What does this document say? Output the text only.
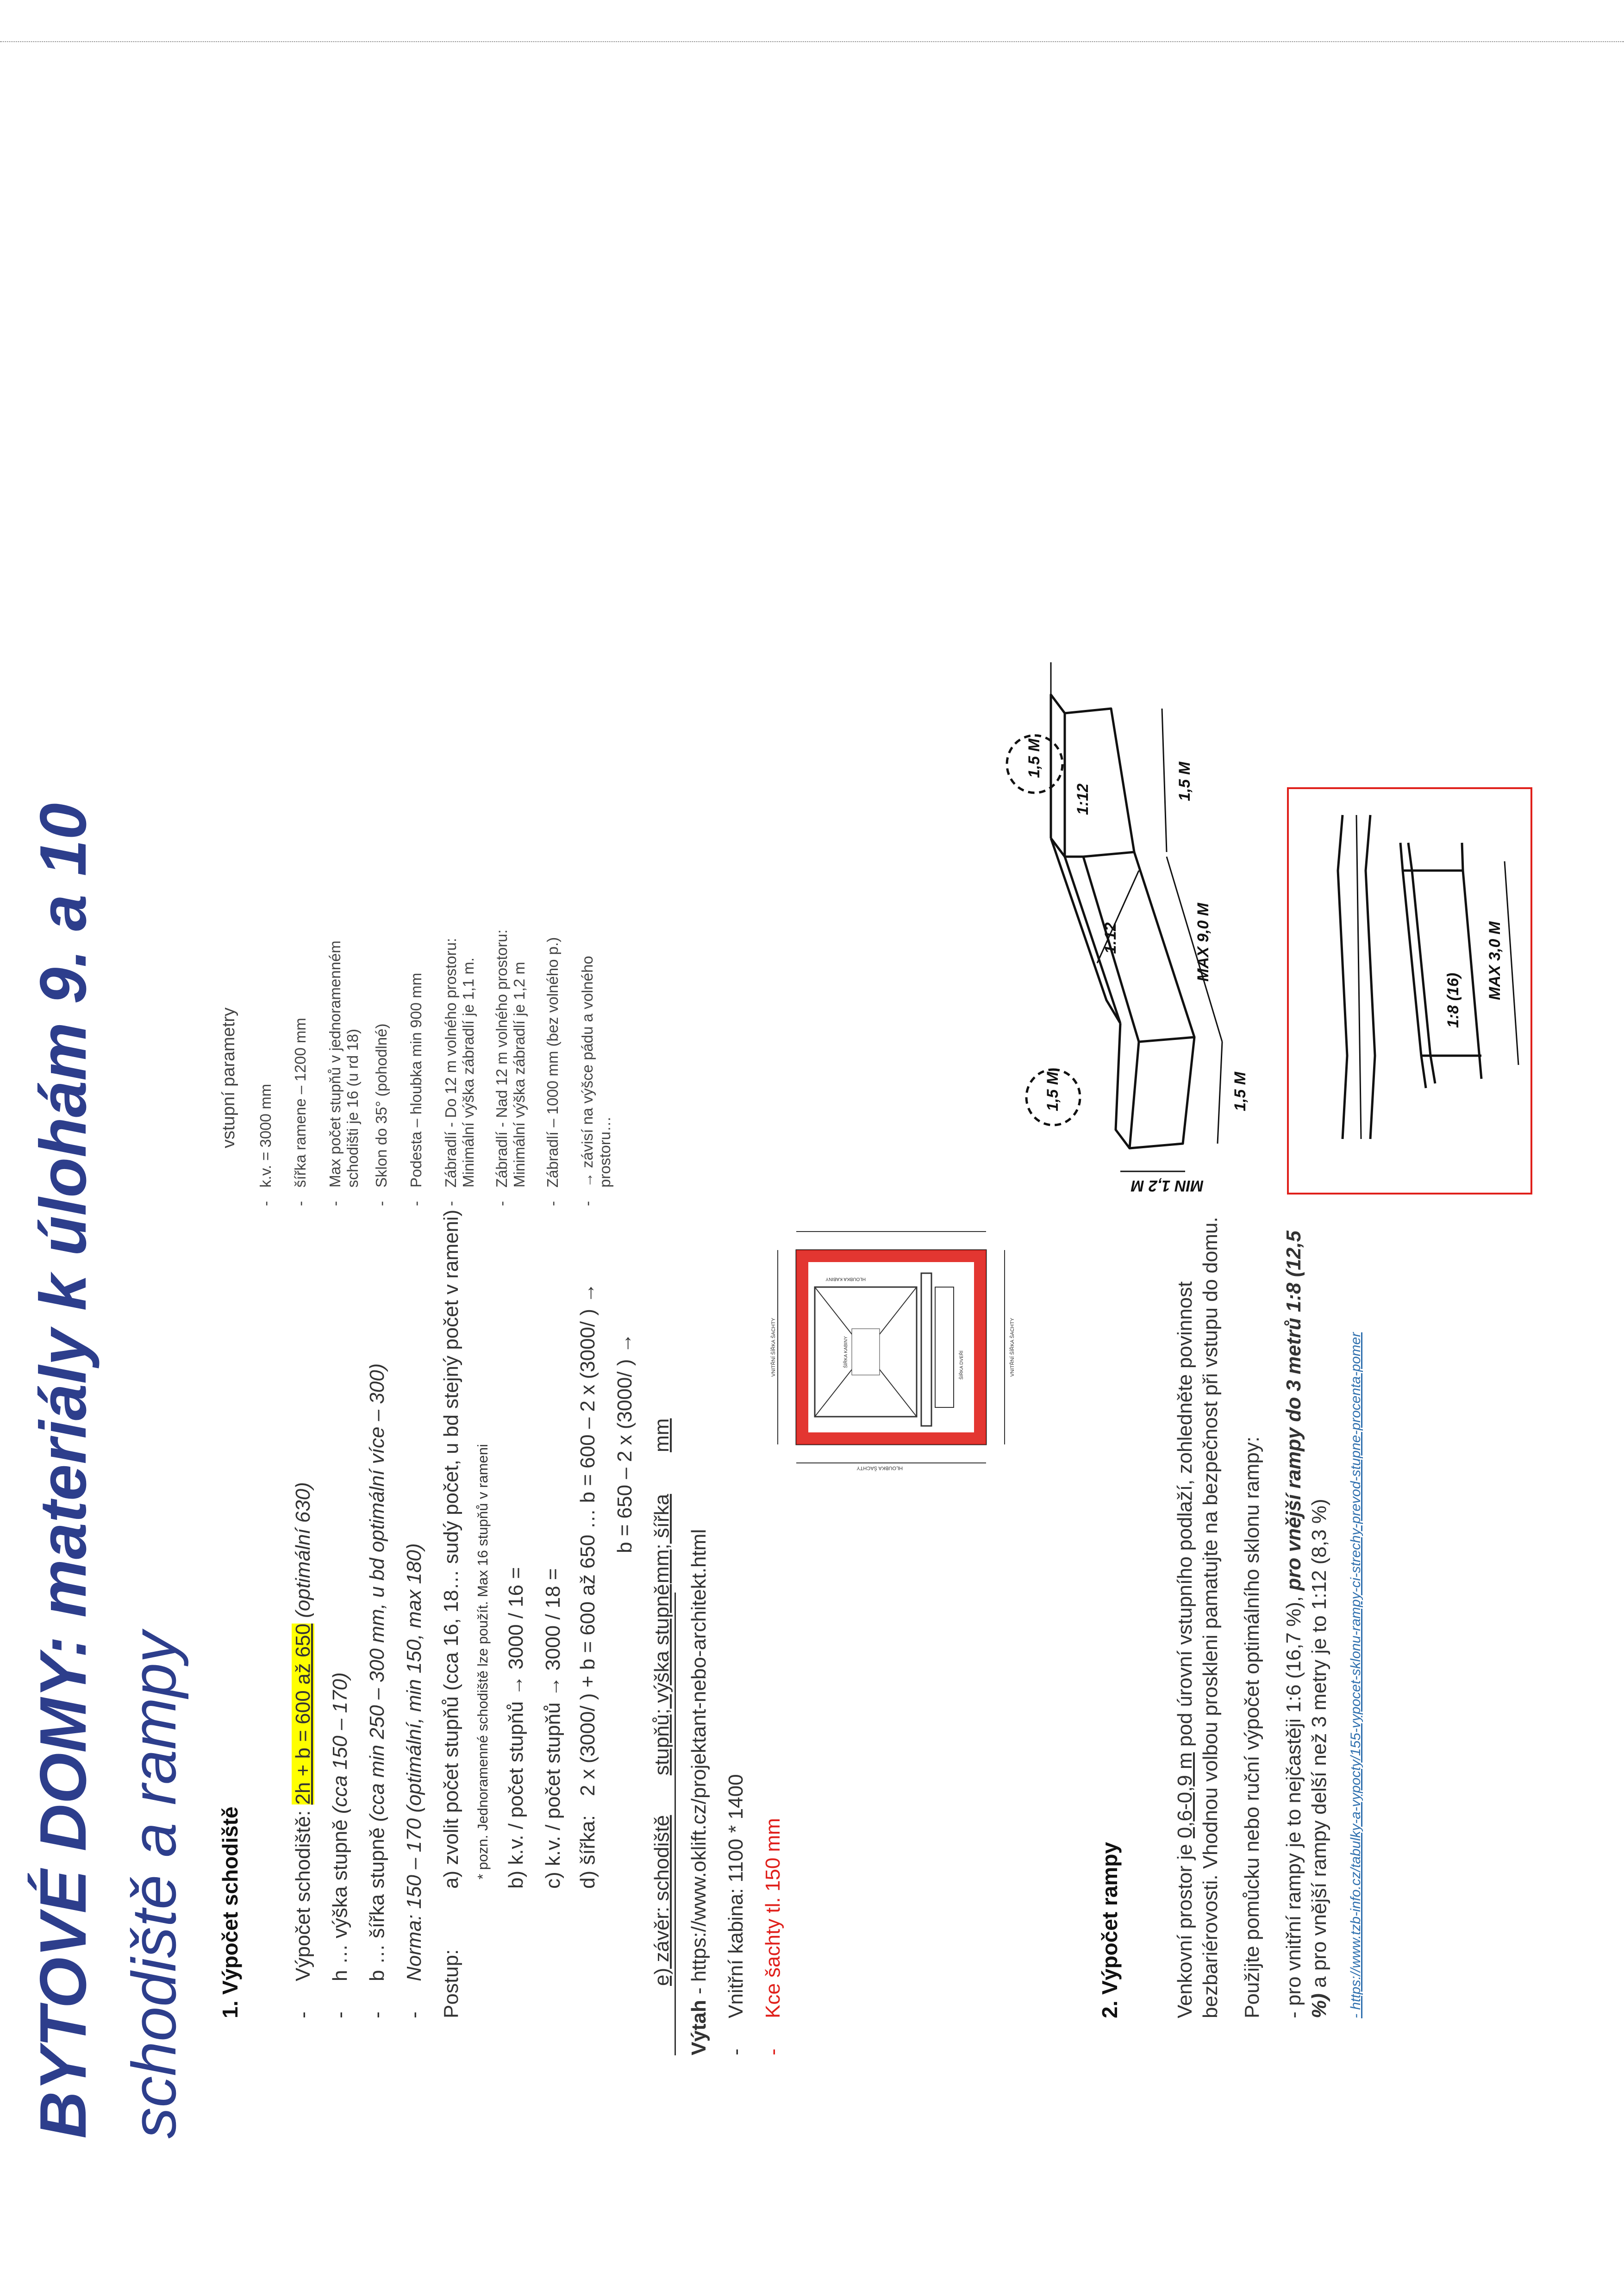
BYTOVÉ DOMY: materiály k úlohám 9. a 10 schodiště a rampy 1. Výpočet schodiště -Výpočet schodiště: 2h + b = 600 až 650 (optimální 630)
-h … výška stupně (cca 150 – 170)
-b … šířka stupně (cca min 250 – 300 mm, u bd optimální více – 300)
-Norma: 150 – 170 (optimální, min 150, max 180)
Postup:
a) zvolit počet stupňů (cca 16, 18… sudý počet, u bd stejný počet v rameni) * pozn. Jednoramenné schodiště lze použít. Max 16 stupňů v rameni b) k.v. / počet stupňů → 3000 / 16 = c) k.v. / počet stupňů → 3000 / 18 = d) šířka:
2 x (3000/ ) + b = 600 až 650 … b = 600 – 2 x (3000/ ) → b = 650 – 2 x (3000/ ) →
e) závěr: schodiště
stupňů; výška stupně
mm; šířkamm
vstupní parametry
-
k.v. = 3000 mm
-
šířka ramene – 1200 mm
-
Max počet stupňů v jednoramenném schodišti je 16 (u rd 18)
-
Sklon do 35° (pohodlné)
-
Podesta – hloubka min 900 mm
-
Zábradlí - Do 12 m volného prostoru: Minimální výška zábradlí je 1,1 m.
-
Zábradlí - Nad 12 m volného prostoru: Minimální výška zábradlí je 1,2 m
-
Zábradlí – 1000 mm (bez volného p.)
-
→ závisí na výšce pádu a volného prostoru…
Výtah - https://www.oklift.cz/projektant-nebo-architekt.html
-Vnitřní kabina: 1100 * 1400
-Kce šachty tl. 150 mm
VNITŘNÍ ŠÍŘKA ŠACHTY	VNITŘNÍ ŠÍŘKA ŠACHTY
HLOUBKA ŠACHTY
ŠÍŘKA KABINY
HLOUBKA KABINY
ŠÍŘKA DVEŘÍ
2. Výpočet rampy	Venkovní prostor je 0,6-0,9 m pod úrovní vstupního podlaží, zohledněte povinnost bezbariérovosti. Vhodnou volbou proskleni pamatujte na bezpečnost při vstupu do domu. Použijte pomůcku nebo ruční výpočet optimálního sklonu rampy: - pro vnitřní rampy je to nejčastěji 1:6 (16,7 %), pro vnější rampy do 3 metrů 1:8 (12,5
%) a pro vnější rampy delší než 3 metry je to 1:12 (8,3 %) - https://www.tzb-info.cz/tabulky-a-vypocty/155-vypocet-sklonu-rampy-ci-strechy-prevod-stupne-procenta-pomer
MIN 1,2 M
1,5 M
MAX 9,0 M
1,5 M
1,5 M
1:12
1:12
1,5 M
1:8 (16)
MAX 3,0 M
